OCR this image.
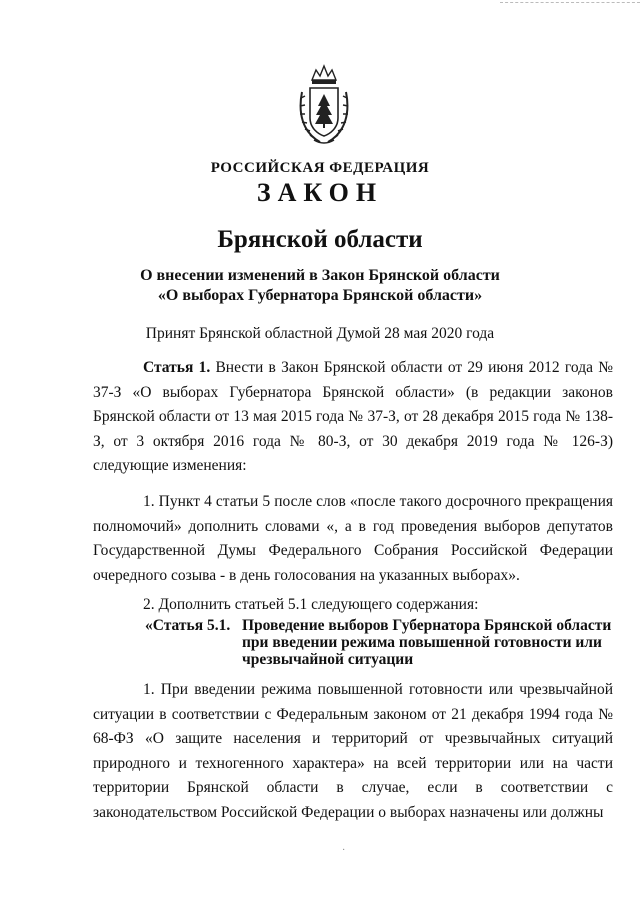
РОССИЙСКАЯ ФЕДЕРАЦИЯ
ЗАКОН
Брянской области
О внесении изменений в Закон Брянской области
«О выборах Губернатора Брянской области»
Принят Брянской областной Думой 28 мая 2020 года

Статья 1. Внести в Закон Брянской области от 29 июня 2012 года № 37-З «О выборах Губернатора Брянской области» (в редакции законов Брянской области от 13 мая 2015 года № 37-З, от 28 декабря 2015 года № 138-З, от 3 октября 2016 года № 80-З, от 30 декабря 2019 года № 126-З) следующие изменения:

1. Пункт 4 статьи 5 после слов «после такого досрочного прекращения полномочий» дополнить словами «, а в год проведения выборов депутатов Государственной Думы Федерального Собрания Российской Федерации очередного созыва - в день голосования на указанных выборах».

2. Дополнить статьей 5.1 следующего содержания:

«Статья 5.1. Проведение выборов Губернатора Брянской области при введении режима повышенной готовности или чрезвычайной ситуации

1. При введении режима повышенной готовности или чрезвычайной ситуации в соответствии с Федеральным законом от 21 декабря 1994 года № 68-ФЗ «О защите населения и территорий от чрезвычайных ситуаций природного и техногенного характера» на всей территории или на части территории Брянской области в случае, если в соответствии с законодательством Российской Федерации о выборах назначены или должны

·
